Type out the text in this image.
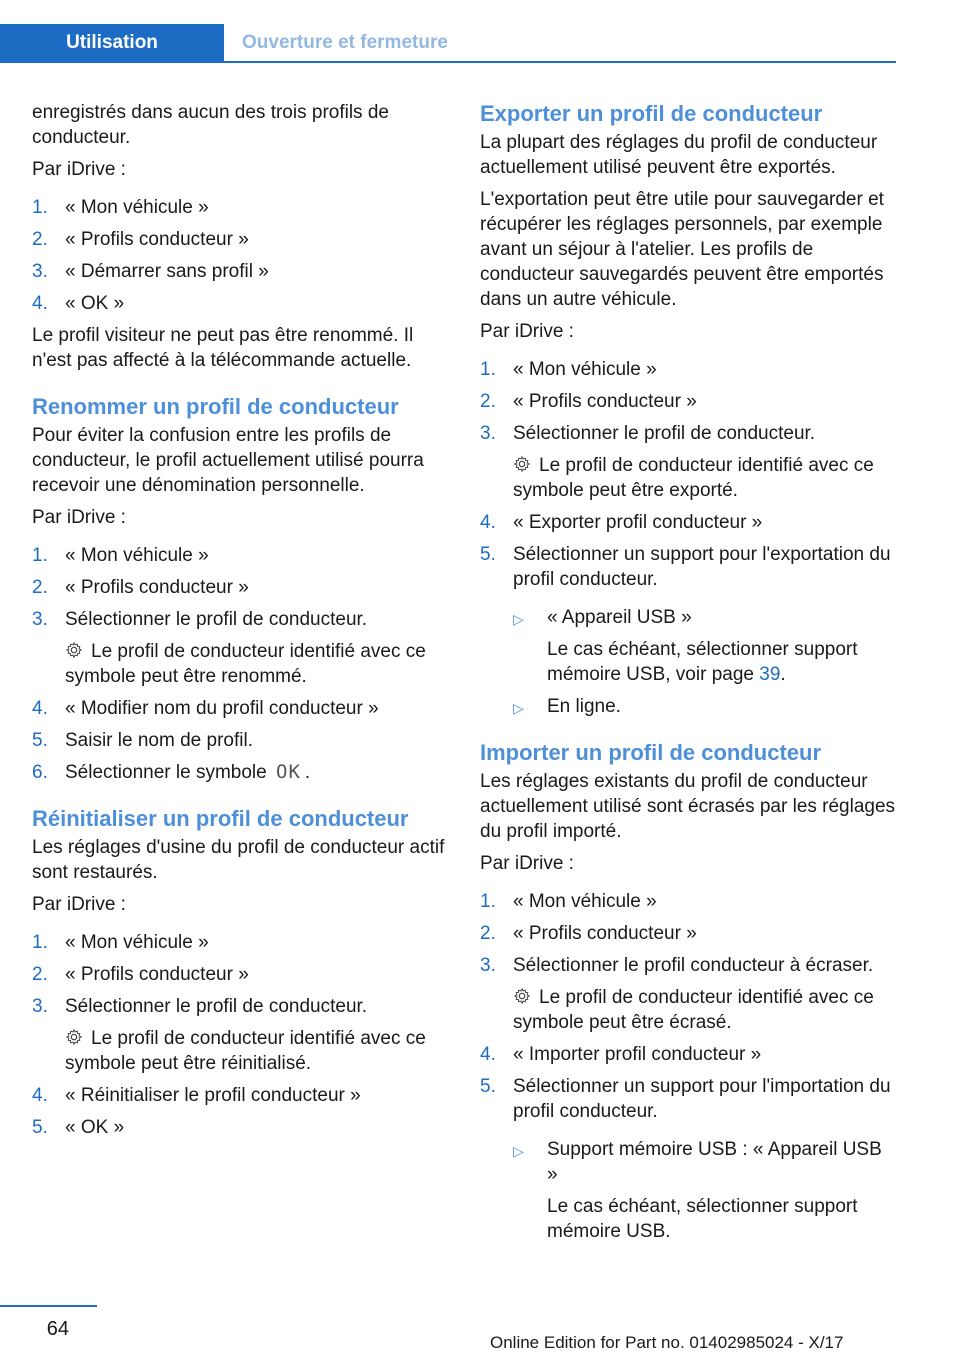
Utilisation	Ouverture et fermeture

enregistrés dans aucun des trois profils de conducteur.

Par iDrive :

1. « Mon véhicule »
2. « Profils conducteur »
3. « Démarrer sans profil »
4. « OK »

Le profil visiteur ne peut pas être renommé. Il n'est pas affecté à la télécommande actuelle.

Renommer un profil de conducteur

Pour éviter la confusion entre les profils de conducteur, le profil actuellement utilisé pourra recevoir une dénomination personnelle.

Par iDrive :

1. « Mon véhicule »
2. « Profils conducteur »
3. Sélectionner le profil de conducteur.
Le profil de conducteur identifié avec ce symbole peut être renommé.
4. « Modifier nom du profil conducteur »
5. Saisir le nom de profil.
6. Sélectionner le symbole OK .
Réinitialiser un profil de conducteur

Les réglages d'usine du profil de conducteur actif sont restaurés.

Par iDrive :

1. « Mon véhicule »
2. « Profils conducteur »
3. Sélectionner le profil de conducteur.
Le profil de conducteur identifié avec ce symbole peut être réinitialisé.
4. « Réinitialiser le profil conducteur »
5. « OK »
Exporter un profil de conducteur

La plupart des réglages du profil de conducteur actuellement utilisé peuvent être exportés.

L'exportation peut être utile pour sauvegarder et récupérer les réglages personnels, par exemple avant un séjour à l'atelier. Les profils de conducteur sauvegardés peuvent être emportés dans un autre véhicule.

Par iDrive :

1. « Mon véhicule »
2. « Profils conducteur »
3. Sélectionner le profil de conducteur.
Le profil de conducteur identifié avec ce symbole peut être exporté.
4. « Exporter profil conducteur »
5. Sélectionner un support pour l'exportation du profil conducteur.
▷ « Appareil USB »
Le cas échéant, sélectionner support mémoire USB, voir page 39.
▷ En ligne.
Importer un profil de conducteur

Les réglages existants du profil de conducteur actuellement utilisé sont écrasés par les réglages du profil importé.

Par iDrive :

1. « Mon véhicule »
2. « Profils conducteur »
3. Sélectionner le profil conducteur à écraser.
Le profil de conducteur identifié avec ce symbole peut être écrasé.
4. « Importer profil conducteur »
5. Sélectionner un support pour l'importation du profil conducteur.
▷ Support mémoire USB : « Appareil USB »
Le cas échéant, sélectionner support mémoire USB.
64
Online Edition for Part no. 01402985024 - X/17
